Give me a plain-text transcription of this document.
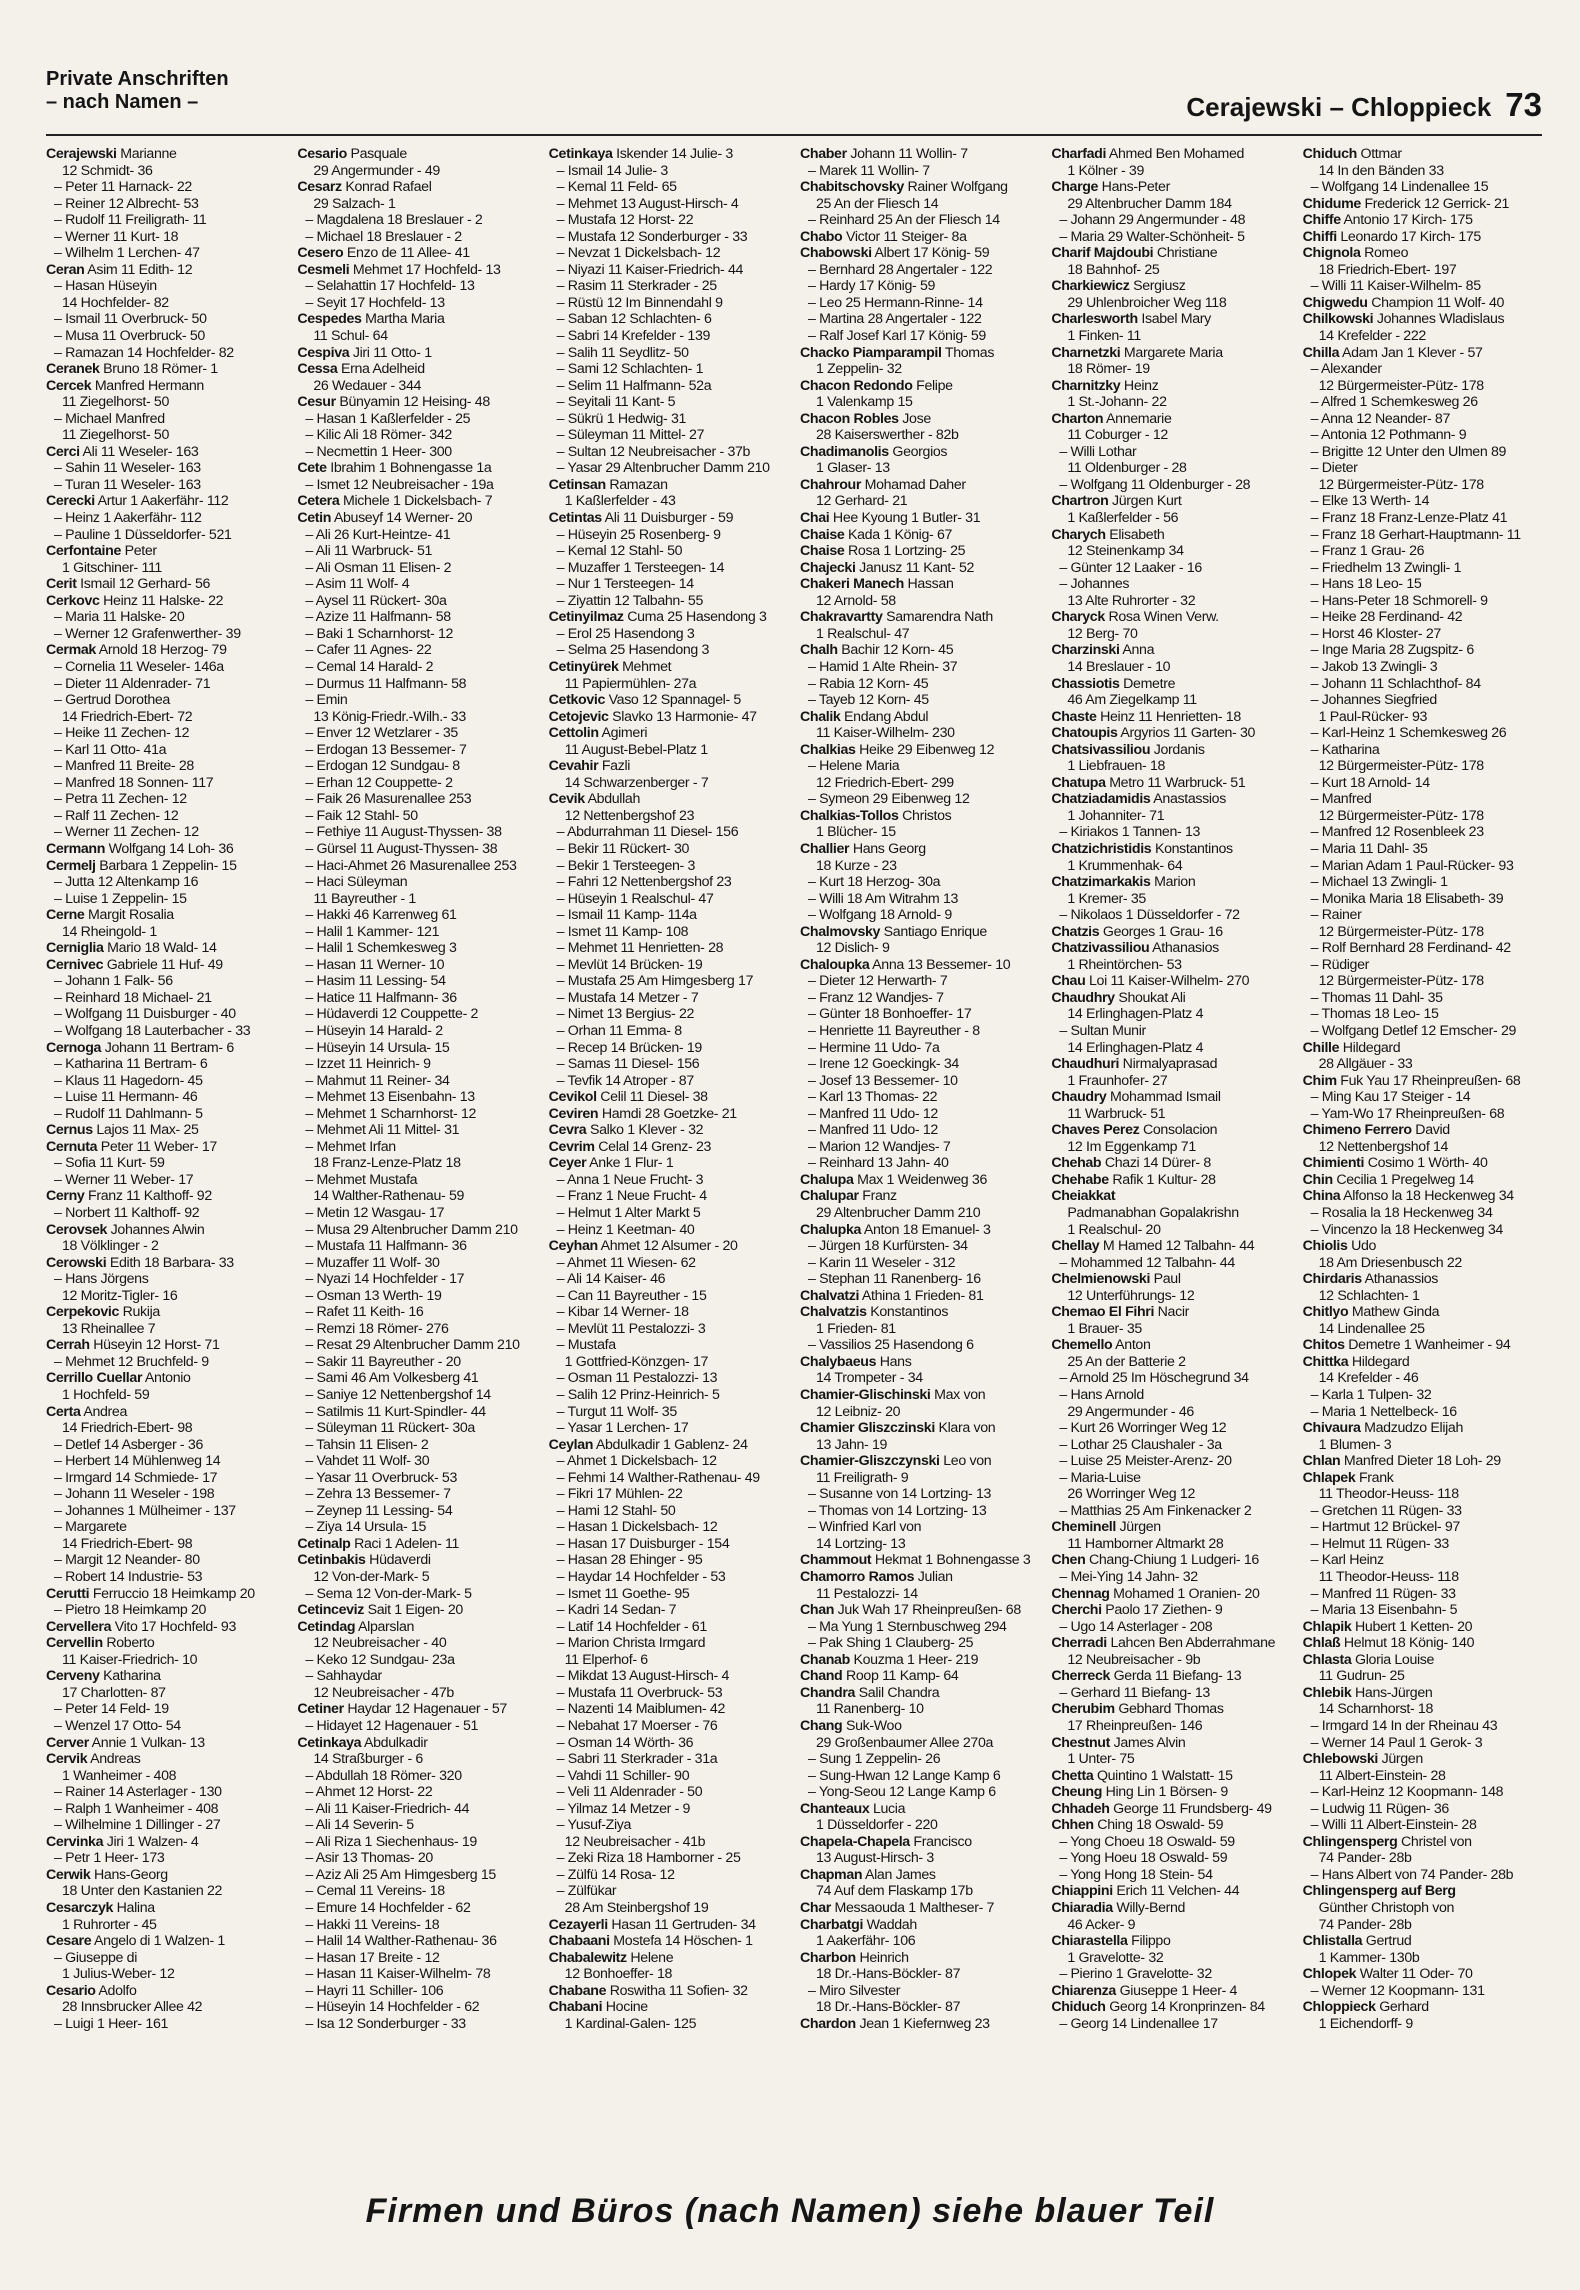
Private Anschriften
– nach Namen –	Cerajewski – Chloppieck 73
Cerajewski Marianne
12 Schmidt- 36
– Peter 11 Harnack- 22
– Reiner 12 Albrecht- 53
– Rudolf 11 Freiligrath- 11
– Werner 11 Kurt- 18
– Wilhelm 1 Lerchen- 47
Ceran Asim 11 Edith- 12
– Hasan Hüseyin
14 Hochfelder- 82
– Ismail 11 Overbruck- 50
– Musa 11 Overbruck- 50
– Ramazan 14 Hochfelder- 82
Ceranek Bruno 18 Römer- 1
Cercek Manfred Hermann
11 Ziegelhorst- 50
– Michael Manfred
11 Ziegelhorst- 50
Cerci Ali 11 Weseler- 163
– Sahin 11 Weseler- 163
– Turan 11 Weseler- 163
Cerecki Artur 1 Aakerfähr- 112
– Heinz 1 Aakerfähr- 112
– Pauline 1 Düsseldorfer- 521
Cerfontaine Peter
1 Gitschiner- 111
Cerit Ismail 12 Gerhard- 56
Cerkovc Heinz 11 Halske- 22
– Maria 11 Halske- 20
– Werner 12 Grafenwerther- 39
Cermak Arnold 18 Herzog- 79
– Cornelia 11 Weseler- 146a
– Dieter 11 Aldenrader- 71
– Gertrud Dorothea
14 Friedrich-Ebert- 72
– Heike 11 Zechen- 12
– Karl 11 Otto- 41a
– Manfred 11 Breite- 28
– Manfred 18 Sonnen- 117
– Petra 11 Zechen- 12
– Ralf 11 Zechen- 12
– Werner 11 Zechen- 12
Cermann Wolfgang 14 Loh- 36
Cermelj Barbara 1 Zeppelin- 15
– Jutta 12 Altenkamp 16
– Luise 1 Zeppelin- 15
Cerne Margit Rosalia
14 Rheingold- 1
Cerniglia Mario 18 Wald- 14
Cernivec Gabriele 11 Huf- 49
– Johann 1 Falk- 56
– Reinhard 18 Michael- 21
– Wolfgang 11 Duisburger - 40
– Wolfgang 18 Lauterbacher - 33
Cernoga Johann 11 Bertram- 6
– Katharina 11 Bertram- 6
– Klaus 11 Hagedorn- 45
– Luise 11 Hermann- 46
– Rudolf 11 Dahlmann- 5
Cernus Lajos 11 Max- 25
Cernuta Peter 11 Weber- 17
– Sofia 11 Kurt- 59
– Werner 11 Weber- 17
Cerny Franz 11 Kalthoff- 92
– Norbert 11 Kalthoff- 92
Cerovsek Johannes Alwin
18 Völklinger - 2
Cerowski Edith 18 Barbara- 33
– Hans Jörgens
12 Moritz-Tigler- 16
Cerpekovic Rukija
13 Rheinallee 7
Cerrah Hüseyin 12 Horst- 71
– Mehmet 12 Bruchfeld- 9
Cerrillo Cuellar Antonio
1 Hochfeld- 59
Certa Andrea
14 Friedrich-Ebert- 98
– Detlef 14 Asberger - 36
– Herbert 14 Mühlenweg 14
– Irmgard 14 Schmiede- 17
– Johann 11 Weseler - 198
– Johannes 1 Mülheimer - 137
– Margarete
14 Friedrich-Ebert- 98
– Margit 12 Neander- 80
– Robert 14 Industrie- 53
Cerutti Ferruccio 18 Heimkamp 20
– Pietro 18 Heimkamp 20
Cervellera Vito 17 Hochfeld- 93
Cervellin Roberto
11 Kaiser-Friedrich- 10
Cerveny Katharina
17 Charlotten- 87
– Peter 14 Feld- 19
– Wenzel 17 Otto- 54
Cerver Annie 1 Vulkan- 13
Cervik Andreas
1 Wanheimer - 408
– Rainer 14 Asterlager - 130
– Ralph 1 Wanheimer - 408
– Wilhelmine 1 Dillinger - 27
Cervinka Jiri 1 Walzen- 4
– Petr 1 Heer- 173
Cerwik Hans-Georg
18 Unter den Kastanien 22
Cesarczyk Halina
1 Ruhrorter - 45
Cesare Angelo di 1 Walzen- 1
– Giuseppe di
1 Julius-Weber- 12
Cesario Adolfo
28 Innsbrucker Allee 42
– Luigi 1 Heer- 161
Cesario Pasquale
29 Angermunder - 49
Cesarz Konrad Rafael
29 Salzach- 1
– Magdalena 18 Breslauer - 2
– Michael 18 Breslauer - 2
Cesero Enzo de 11 Allee- 41
Cesmeli Mehmet 17 Hochfeld- 13
– Selahattin 17 Hochfeld- 13
– Seyit 17 Hochfeld- 13
Cespedes Martha Maria
11 Schul- 64
Cespiva Jiri 11 Otto- 1
Cessa Erna Adelheid
26 Wedauer - 344
Cesur Bünyamin 12 Heising- 48
– Hasan 1 Kaßlerfelder - 25
– Kilic Ali 18 Römer- 342
– Necmettin 1 Heer- 300
Cete Ibrahim 1 Bohnengasse 1a
– Ismet 12 Neubreisacher - 19a
Cetera Michele 1 Dickelsbach- 7
Cetin Abuseyf 14 Werner- 20
– Ali 26 Kurt-Heintze- 41
– Ali 11 Warbruck- 51
– Ali Osman 11 Elisen- 2
– Asim 11 Wolf- 4
– Aysel 11 Rückert- 30a
– Azize 11 Halfmann- 58
– Baki 1 Scharnhorst- 12
– Cafer 11 Agnes- 22
– Cemal 14 Harald- 2
– Durmus 11 Halfmann- 58
– Emin
13 König-Friedr.-Wilh.- 33
– Enver 12 Wetzlarer - 35
– Erdogan 13 Bessemer- 7
– Erdogan 12 Sundgau- 8
– Erhan 12 Couppette- 2
– Faik 26 Masurenallee 253
– Faik 12 Stahl- 50
– Fethiye 11 August-Thyssen- 38
– Gürsel 11 August-Thyssen- 38
– Haci-Ahmet 26 Masurenallee 253
– Haci Süleyman
11 Bayreuther - 1
– Hakki 46 Karrenweg 61
– Halil 1 Kammer- 121
– Halil 1 Schemkesweg 3
– Hasan 11 Werner- 10
– Hasim 11 Lessing- 54
– Hatice 11 Halfmann- 36
– Hüdaverdi 12 Couppette- 2
– Hüseyin 14 Harald- 2
– Hüseyin 14 Ursula- 15
– Izzet 11 Heinrich- 9
– Mahmut 11 Reiner- 34
– Mehmet 13 Eisenbahn- 13
– Mehmet 1 Scharnhorst- 12
– Mehmet Ali 11 Mittel- 31
– Mehmet Irfan
18 Franz-Lenze-Platz 18
– Mehmet Mustafa
14 Walther-Rathenau- 59
– Metin 12 Wasgau- 17
– Musa 29 Altenbrucher Damm 210
– Mustafa 11 Halfmann- 36
– Muzaffer 11 Wolf- 30
– Nyazi 14 Hochfelder - 17
– Osman 13 Werth- 19
– Rafet 11 Keith- 16
– Remzi 18 Römer- 276
– Resat 29 Altenbrucher Damm 210
– Sakir 11 Bayreuther - 20
– Sami 46 Am Volkesberg 41
– Saniye 12 Nettenbergshof 14
– Satilmis 11 Kurt-Spindler- 44
– Süleyman 11 Rückert- 30a
– Tahsin 11 Elisen- 2
– Vahdet 11 Wolf- 30
– Yasar 11 Overbruck- 53
– Zehra 13 Bessemer- 7
– Zeynep 11 Lessing- 54
– Ziya 14 Ursula- 15
Cetinalp Raci 1 Adelen- 11
Cetinbakis Hüdaverdi
12 Von-der-Mark- 5
– Sema 12 Von-der-Mark- 5
Cetinceviz Sait 1 Eigen- 20
Cetindag Alparslan
12 Neubreisacher - 40
– Keko 12 Sundgau- 23a
– Sahhaydar
12 Neubreisacher - 47b
Cetiner Haydar 12 Hagenauer - 57
– Hidayet 12 Hagenauer - 51
Cetinkaya Abdulkadir
14 Straßburger - 6
– Abdullah 18 Römer- 320
– Ahmet 12 Horst- 22
– Ali 11 Kaiser-Friedrich- 44
– Ali 14 Severin- 5
– Ali Riza 1 Siechenhaus- 19
– Asir 13 Thomas- 20
– Aziz Ali 25 Am Himgesberg 15
– Cemal 11 Vereins- 18
– Emure 14 Hochfelder - 62
– Hakki 11 Vereins- 18
– Halil 14 Walther-Rathenau- 36
– Hasan 17 Breite - 12
– Hasan 11 Kaiser-Wilhelm- 78
– Hayri 11 Schiller- 106
– Hüseyin 14 Hochfelder - 62
– Isa 12 Sonderburger - 33
Cetinkaya Iskender 14 Julie- 3
– Ismail 14 Julie- 3
– Kemal 11 Feld- 65
– Mehmet 13 August-Hirsch- 4
– Mustafa 12 Horst- 22
– Mustafa 12 Sonderburger - 33
– Nevzat 1 Dickelsbach- 12
– Niyazi 11 Kaiser-Friedrich- 44
– Rasim 11 Sterkrader - 25
– Rüstü 12 Im Binnendahl 9
– Saban 12 Schlachten- 6
– Sabri 14 Krefelder - 139
– Salih 11 Seydlitz- 50
– Sami 12 Schlachten- 1
– Selim 11 Halfmann- 52a
– Seyitali 11 Kant- 5
– Sükrü 1 Hedwig- 31
– Süleyman 11 Mittel- 27
– Sultan 12 Neubreisacher - 37b
– Yasar 29 Altenbrucher Damm 210
Cetinsan Ramazan
1 Kaßlerfelder - 43
Cetintas Ali 11 Duisburger - 59
– Hüseyin 25 Rosenberg- 9
– Kemal 12 Stahl- 50
– Muzaffer 1 Tersteegen- 14
– Nur 1 Tersteegen- 14
– Ziyattin 12 Talbahn- 55
Cetinyilmaz Cuma 25 Hasendong 3
– Erol 25 Hasendong 3
– Selma 25 Hasendong 3
Cetinyürek Mehmet
11 Papiermühlen- 27a
Cetkovic Vaso 12 Spannagel- 5
Cetojevic Slavko 13 Harmonie- 47
Cettolin Agimeri
11 August-Bebel-Platz 1
Cevahir Fazli
14 Schwarzenberger - 7
Cevik Abdullah
12 Nettenbergshof 23
– Abdurrahman 11 Diesel- 156
– Bekir 11 Rückert- 30
– Bekir 1 Tersteegen- 3
– Fahri 12 Nettenbergshof 23
– Hüseyin 1 Realschul- 47
– Ismail 11 Kamp- 114a
– Ismet 11 Kamp- 108
– Mehmet 11 Henrietten- 28
– Mevlüt 14 Brücken- 19
– Mustafa 25 Am Himgesberg 17
– Mustafa 14 Metzer - 7
– Nimet 13 Bergius- 22
– Orhan 11 Emma- 8
– Recep 14 Brücken- 19
– Samas 11 Diesel- 156
– Tevfik 14 Atroper - 87
Cevikol Celil 11 Diesel- 38
Ceviren Hamdi 28 Goetzke- 21
Cevra Salko 1 Klever - 32
Cevrim Celal 14 Grenz- 23
Ceyer Anke 1 Flur- 1
– Anna 1 Neue Frucht- 3
– Franz 1 Neue Frucht- 4
– Helmut 1 Alter Markt 5
– Heinz 1 Keetman- 40
Ceyhan Ahmet 12 Alsumer - 20
– Ahmet 11 Wiesen- 62
– Ali 14 Kaiser- 46
– Can 11 Bayreuther - 15
– Kibar 14 Werner- 18
– Mevlüt 11 Pestalozzi- 3
– Mustafa
1 Gottfried-Könzgen- 17
– Osman 11 Pestalozzi- 13
– Salih 12 Prinz-Heinrich- 5
– Turgut 11 Wolf- 35
– Yasar 1 Lerchen- 17
Ceylan Abdulkadir 1 Gablenz- 24
– Ahmet 1 Dickelsbach- 12
– Fehmi 14 Walther-Rathenau- 49
– Fikri 17 Mühlen- 22
– Hami 12 Stahl- 50
– Hasan 1 Dickelsbach- 12
– Hasan 17 Duisburger - 154
– Hasan 28 Ehinger - 95
– Haydar 14 Hochfelder - 53
– Ismet 11 Goethe- 95
– Kadri 14 Sedan- 7
– Latif 14 Hochfelder - 61
– Marion Christa Irmgard
11 Elperhof- 6
– Mikdat 13 August-Hirsch- 4
– Mustafa 11 Overbruck- 53
– Nazenti 14 Maiblumen- 42
– Nebahat 17 Moerser - 76
– Osman 14 Wörth- 36
– Sabri 11 Sterkrader - 31a
– Vahdi 11 Schiller- 90
– Veli 11 Aldenrader - 50
– Yilmaz 14 Metzer - 9
– Yusuf-Ziya
12 Neubreisacher - 41b
– Zeki Riza 18 Hamborner - 25
– Zülfü 14 Rosa- 12
– Zülfükar
28 Am Steinbergshof 19
Cezayerli Hasan 11 Gertruden- 34
Chabaani Mostefa 14 Höschen- 1
Chabalewitz Helene
12 Bonhoeffer- 18
Chabane Roswitha 11 Sofien- 32
Chabani Hocine
1 Kardinal-Galen- 125
Chaber Johann 11 Wollin- 7
– Marek 11 Wollin- 7
Chabitschovsky Rainer Wolfgang
25 An der Fliesch 14
– Reinhard 25 An der Fliesch 14
Chabo Victor 11 Steiger- 8a
Chabowski Albert 17 König- 59
– Bernhard 28 Angertaler - 122
– Hardy 17 König- 59
– Leo 25 Hermann-Rinne- 14
– Martina 28 Angertaler - 122
– Ralf Josef Karl 17 König- 59
Chacko Piamparampil Thomas
1 Zeppelin- 32
Chacon Redondo Felipe
1 Valenkamp 15
Chacon Robles Jose
28 Kaiserswerther - 82b
Chadimanolis Georgios
1 Glaser- 13
Chahrour Mohamad Daher
12 Gerhard- 21
Chai Hee Kyoung 1 Butler- 31
Chaise Kada 1 König- 67
Chaise Rosa 1 Lortzing- 25
Chajecki Janusz 11 Kant- 52
Chakeri Manech Hassan
12 Arnold- 58
Chakravartty Samarendra Nath
1 Realschul- 47
Chalh Bachir 12 Korn- 45
– Hamid 1 Alte Rhein- 37
– Rabia 12 Korn- 45
– Tayeb 12 Korn- 45
Chalik Endang Abdul
11 Kaiser-Wilhelm- 230
Chalkias Heike 29 Eibenweg 12
– Helene Maria
12 Friedrich-Ebert- 299
– Symeon 29 Eibenweg 12
Chalkias-Tollos Christos
1 Blücher- 15
Challier Hans Georg
18 Kurze - 23
– Kurt 18 Herzog- 30a
– Willi 18 Am Witrahm 13
– Wolfgang 18 Arnold- 9
Chalmovsky Santiago Enrique
12 Dislich- 9
Chaloupka Anna 13 Bessemer- 10
– Dieter 12 Herwarth- 7
– Franz 12 Wandjes- 7
– Günter 18 Bonhoeffer- 17
– Henriette 11 Bayreuther - 8
– Hermine 11 Udo- 7a
– Irene 12 Goeckingk- 34
– Josef 13 Bessemer- 10
– Karl 13 Thomas- 22
– Manfred 11 Udo- 12
– Manfred 11 Udo- 12
– Marion 12 Wandjes- 7
– Reinhard 13 Jahn- 40
Chalupa Max 1 Weidenweg 36
Chalupar Franz
29 Altenbrucher Damm 210
Chalupka Anton 18 Emanuel- 3
– Jürgen 18 Kurfürsten- 34
– Karin 11 Weseler - 312
– Stephan 11 Ranenberg- 16
Chalvatzi Athina 1 Frieden- 81
Chalvatzis Konstantinos
1 Frieden- 81
– Vassilios 25 Hasendong 6
Chalybaeus Hans
14 Trompeter - 34
Chamier-Glischinski Max von
12 Leibniz- 20
Chamier Gliszczinski Klara von
13 Jahn- 19
Chamier-Gliszczynski Leo von
11 Freiligrath- 9
– Susanne von 14 Lortzing- 13
– Thomas von 14 Lortzing- 13
– Winfried Karl von
14 Lortzing- 13
Chammout Hekmat 1 Bohnengasse 3
Chamorro Ramos Julian
11 Pestalozzi- 14
Chan Juk Wah 17 Rheinpreußen- 68
– Ma Yung 1 Sternbuschweg 294
– Pak Shing 1 Clauberg- 25
Chanab Kouzma 1 Heer- 219
Chand Roop 11 Kamp- 64
Chandra Salil Chandra
11 Ranenberg- 10
Chang Suk-Woo
29 Großenbaumer Allee 270a
– Sung 1 Zeppelin- 26
– Sung-Hwan 12 Lange Kamp 6
– Yong-Seou 12 Lange Kamp 6
Chanteaux Lucia
1 Düsseldorfer - 220
Chapela-Chapela Francisco
13 August-Hirsch- 3
Chapman Alan James
74 Auf dem Flaskamp 17b
Char Messaouda 1 Maltheser- 7
Charbatgi Waddah
1 Aakerfähr- 106
Charbon Heinrich
18 Dr.-Hans-Böckler- 87
– Miro Silvester
18 Dr.-Hans-Böckler- 87
Chardon Jean 1 Kiefernweg 23
Charfadi Ahmed Ben Mohamed
1 Kölner - 39
Charge Hans-Peter
29 Altenbrucher Damm 184
– Johann 29 Angermunder - 48
– Maria 29 Walter-Schönheit- 5
Charif Majdoubi Christiane
18 Bahnhof- 25
Charkiewicz Sergiusz
29 Uhlenbroicher Weg 118
Charlesworth Isabel Mary
1 Finken- 11
Charnetzki Margarete Maria
18 Römer- 19
Charnitzky Heinz
1 St.-Johann- 22
Charton Annemarie
11 Coburger - 12
– Willi Lothar
11 Oldenburger - 28
– Wolfgang 11 Oldenburger - 28
Chartron Jürgen Kurt
1 Kaßlerfelder - 56
Charych Elisabeth
12 Steinenkamp 34
– Günter 12 Laaker - 16
– Johannes
13 Alte Ruhrorter - 32
Charyck Rosa Winen Verw.
12 Berg- 70
Charzinski Anna
14 Breslauer - 10
Chassiotis Demetre
46 Am Ziegelkamp 11
Chaste Heinz 11 Henrietten- 18
Chatoupis Argyrios 11 Garten- 30
Chatsivassiliou Jordanis
1 Liebfrauen- 18
Chatupa Metro 11 Warbruck- 51
Chatziadamidis Anastassios
1 Johanniter- 71
– Kiriakos 1 Tannen- 13
Chatzichristidis Konstantinos
1 Krummenhak- 64
Chatzimarkakis Marion
1 Kremer- 35
– Nikolaos 1 Düsseldorfer - 72
Chatzis Georges 1 Grau- 16
Chatzivassiliou Athanasios
1 Rheintörchen- 53
Chau Loi 11 Kaiser-Wilhelm- 270
Chaudhry Shoukat Ali
14 Erlinghagen-Platz 4
– Sultan Munir
14 Erlinghagen-Platz 4
Chaudhuri Nirmalyaprasad
1 Fraunhofer- 27
Chaudry Mohammad Ismail
11 Warbruck- 51
Chaves Perez Consolacion
12 Im Eggenkamp 71
Chehab Chazi 14 Dürer- 8
Chehabe Rafik 1 Kultur- 28
Cheiakkat
Padmanabhan Gopalakrishn
1 Realschul- 20
Chellay M Hamed 12 Talbahn- 44
– Mohammed 12 Talbahn- 44
Chelmienowski Paul
12 Unterführungs- 12
Chemao El Fihri Nacir
1 Brauer- 35
Chemello Anton
25 An der Batterie 2
– Arnold 25 Im Höschegrund 34
– Hans Arnold
29 Angermunder - 46
– Kurt 26 Worringer Weg 12
– Lothar 25 Claushaler - 3a
– Luise 25 Meister-Arenz- 20
– Maria-Luise
26 Worringer Weg 12
– Matthias 25 Am Finkenacker 2
Cheminell Jürgen
11 Hamborner Altmarkt 28
Chen Chang-Chiung 1 Ludgeri- 16
– Mei-Ying 14 Jahn- 32
Chennag Mohamed 1 Oranien- 20
Cherchi Paolo 17 Ziethen- 9
– Ugo 14 Asterlager - 208
Cherradi Lahcen Ben Abderrahmane
12 Neubreisacher - 9b
Cherreck Gerda 11 Biefang- 13
– Gerhard 11 Biefang- 13
Cherubim Gebhard Thomas
17 Rheinpreußen- 146
Chestnut James Alvin
1 Unter- 75
Chetta Quintino 1 Walstatt- 15
Cheung Hing Lin 1 Börsen- 9
Chhadeh George 11 Frundsberg- 49
Chhen Ching 18 Oswald- 59
– Yong Choeu 18 Oswald- 59
– Yong Hoeu 18 Oswald- 59
– Yong Hong 18 Stein- 54
Chiappini Erich 11 Velchen- 44
Chiaradia Willy-Bernd
46 Acker- 9
Chiarastella Filippo
1 Gravelotte- 32
– Pierino 1 Gravelotte- 32
Chiarenza Giuseppe 1 Heer- 4
Chiduch Georg 14 Kronprinzen- 84
– Georg 14 Lindenallee 17
Chiduch Ottmar
14 In den Bänden 33
– Wolfgang 14 Lindenallee 15
Chidume Frederick 12 Gerrick- 21
Chiffe Antonio 17 Kirch- 175
Chiffi Leonardo 17 Kirch- 175
Chignola Romeo
18 Friedrich-Ebert- 197
– Willi 11 Kaiser-Wilhelm- 85
Chigwedu Champion 11 Wolf- 40
Chilkowski Johannes Wladislaus
14 Krefelder - 222
Chilla Adam Jan 1 Klever - 57
– Alexander
12 Bürgermeister-Pütz- 178
– Alfred 1 Schemkesweg 26
– Anna 12 Neander- 87
– Antonia 12 Pothmann- 9
– Brigitte 12 Unter den Ulmen 89
– Dieter
12 Bürgermeister-Pütz- 178
– Elke 13 Werth- 14
– Franz 18 Franz-Lenze-Platz 41
– Franz 18 Gerhart-Hauptmann- 11
– Franz 1 Grau- 26
– Friedhelm 13 Zwingli- 1
– Hans 18 Leo- 15
– Hans-Peter 18 Schmorell- 9
– Heike 28 Ferdinand- 42
– Horst 46 Kloster- 27
– Inge Maria 28 Zugspitz- 6
– Jakob 13 Zwingli- 3
– Johann 11 Schlachthof- 84
– Johannes Siegfried
1 Paul-Rücker- 93
– Karl-Heinz 1 Schemkesweg 26
– Katharina
12 Bürgermeister-Pütz- 178
– Kurt 18 Arnold- 14
– Manfred
12 Bürgermeister-Pütz- 178
– Manfred 12 Rosenbleek 23
– Maria 11 Dahl- 35
– Marian Adam 1 Paul-Rücker- 93
– Michael 13 Zwingli- 1
– Monika Maria 18 Elisabeth- 39
– Rainer
12 Bürgermeister-Pütz- 178
– Rolf Bernhard 28 Ferdinand- 42
– Rüdiger
12 Bürgermeister-Pütz- 178
– Thomas 11 Dahl- 35
– Thomas 18 Leo- 15
– Wolfgang Detlef 12 Emscher- 29
Chille Hildegard
28 Allgäuer - 33
Chim Fuk Yau 17 Rheinpreußen- 68
– Ming Kau 17 Steiger - 14
– Yam-Wo 17 Rheinpreußen- 68
Chimeno Ferrero David
12 Nettenbergshof 14
Chimienti Cosimo 1 Wörth- 40
Chin Cecilia 1 Pregelweg 14
China Alfonso la 18 Heckenweg 34
– Rosalia la 18 Heckenweg 34
– Vincenzo la 18 Heckenweg 34
Chiolis Udo
18 Am Driesenbusch 22
Chirdaris Athanassios
12 Schlachten- 1
Chitlyo Mathew Ginda
14 Lindenallee 25
Chitos Demetre 1 Wanheimer - 94
Chittka Hildegard
14 Krefelder - 46
– Karla 1 Tulpen- 32
– Maria 1 Nettelbeck- 16
Chivaura Madzudzo Elijah
1 Blumen- 3
Chlan Manfred Dieter 18 Loh- 29
Chlapek Frank
11 Theodor-Heuss- 118
– Gretchen 11 Rügen- 33
– Hartmut 12 Brückel- 97
– Helmut 11 Rügen- 33
– Karl Heinz
11 Theodor-Heuss- 118
– Manfred 11 Rügen- 33
– Maria 13 Eisenbahn- 5
Chlapik Hubert 1 Ketten- 20
Chlaß Helmut 18 König- 140
Chlasta Gloria Louise
11 Gudrun- 25
Chlebik Hans-Jürgen
14 Scharnhorst- 18
– Irmgard 14 In der Rheinau 43
– Werner 14 Paul 1 Gerok- 3
Chlebowski Jürgen
11 Albert-Einstein- 28
– Karl-Heinz 12 Koopmann- 148
– Ludwig 11 Rügen- 36
– Willi 11 Albert-Einstein- 28
Chlingensperg Christel von
74 Pander- 28b
– Hans Albert von 74 Pander- 28b
Chlingensperg auf Berg
Günther Christoph von
74 Pander- 28b
Chlistalla Gertrud
1 Kammer- 130b
Chlopek Walter 11 Oder- 70
– Werner 12 Koopmann- 131
Chloppieck Gerhard
1 Eichendorff- 9
Firmen und Büros (nach Namen) siehe blauer Teil
